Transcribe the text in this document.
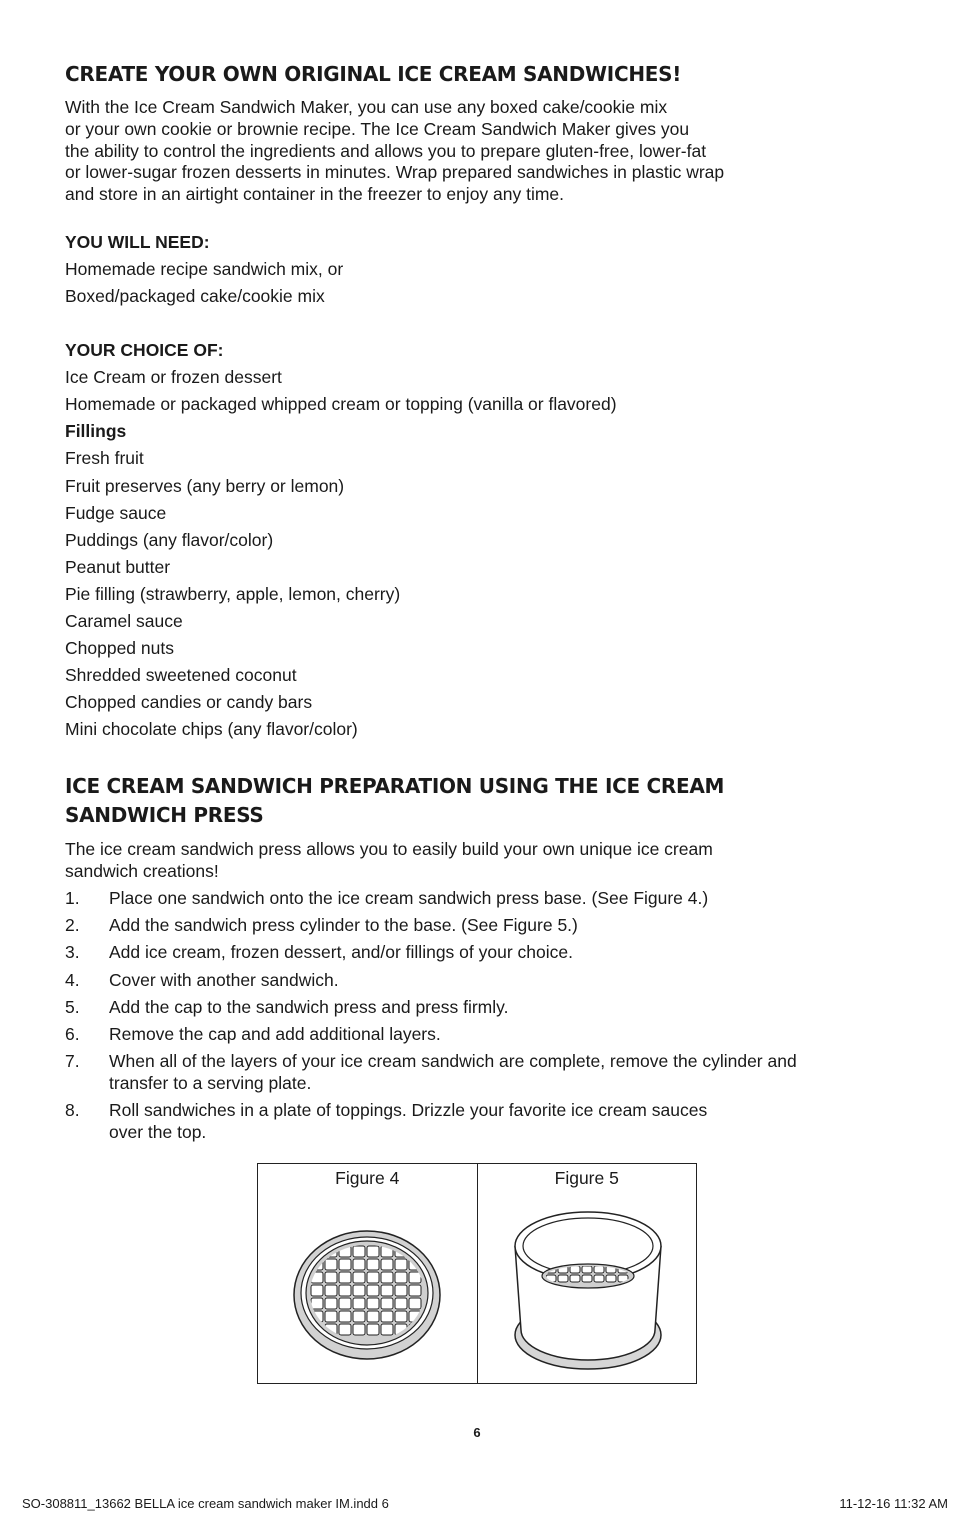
CREATE YOUR OWN ORIGINAL ICE CREAM SANDWICHES!

With the Ice Cream Sandwich Maker, you can use any boxed cake/cookie mix

or your own cookie or brownie recipe. The Ice Cream Sandwich Maker gives you

the ability to control the ingredients and allows you to prepare gluten-free, lower-fat

or lower-sugar frozen desserts in minutes. Wrap prepared sandwiches in plastic wrap

and store in an airtight container in the freezer to enjoy any time.

YOU WILL NEED:

Homemade recipe sandwich mix, or

Boxed/packaged cake/cookie mix

YOUR CHOICE OF:

Ice Cream or frozen dessert

Homemade or packaged whipped cream or topping (vanilla or flavored)

Fillings

Fresh fruit

Fruit preserves (any berry or lemon)

Fudge sauce

Puddings (any flavor/color)

Peanut butter

Pie filling (strawberry, apple, lemon, cherry)

Caramel sauce

Chopped nuts

Shredded sweetened coconut

Chopped candies or candy bars

Mini chocolate chips (any flavor/color)

ICE CREAM SANDWICH PREPARATION USING THE ICE CREAM
SANDWICH PRESS

The ice cream sandwich press allows you to easily build your own unique ice cream

sandwich creations!

1.	Place one sandwich onto the ice cream sandwich press base. (See Figure 4.)
2.	Add the sandwich press cylinder to the base. (See Figure 5.)
3.	Add ice cream, frozen dessert, and/or fillings of your choice.
4.	Cover with another sandwich.
5.	Add the cap to the sandwich press and press firmly.
6.	Remove the cap and add additional layers.
7.	When all of the layers of your ice cream sandwich are complete, remove the cylinder and
transfer to a serving plate.
8.	Roll sandwiches in a plate of toppings. Drizzle your favorite ice cream sauces
over the top.
Figure 4	Figure 5
6
SO-308811_13662 BELLA ice cream sandwich maker IM.indd 6	11-12-16 11:32 AM
